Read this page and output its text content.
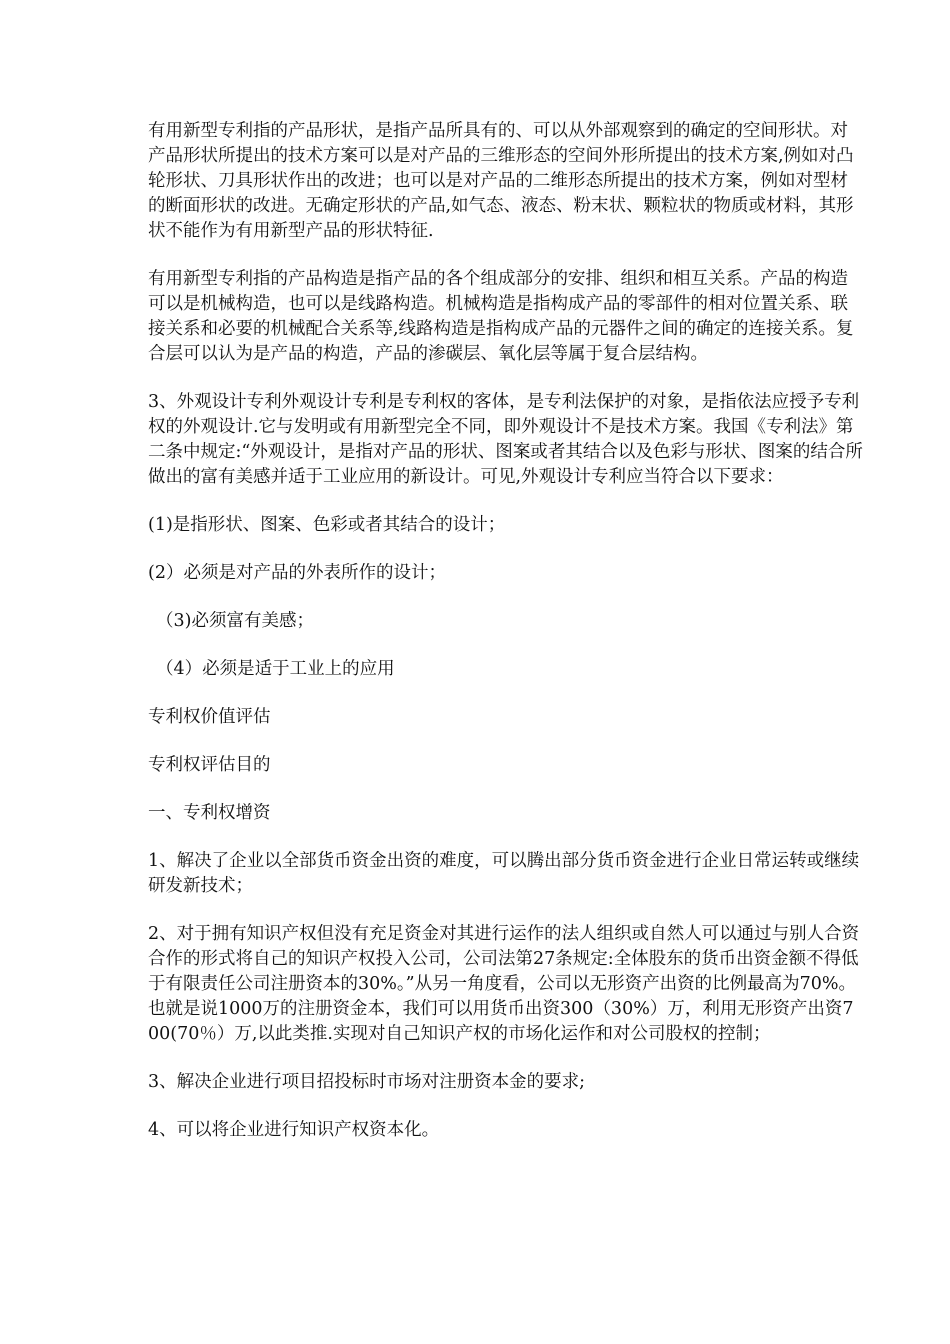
有用新型专利指的产品形状，是指产品所具有的、可以从外部观察到的确定的空间形状。对产品形状所提出的技术方案可以是对产品的三维形态的空间外形所提出的技术方案,例如对凸轮形状、刀具形状作出的改进；也可以是对产品的二维形态所提出的技术方案，例如对型材的断面形状的改进。无确定形状的产品,如气态、液态、粉末状、颗粒状的物质或材料，其形状不能作为有用新型产品的形状特征.

有用新型专利指的产品构造是指产品的各个组成部分的安排、组织和相互关系。产品的构造可以是机械构造，也可以是线路构造。机械构造是指构成产品的零部件的相对位置关系、联接关系和必要的机械配合关系等,线路构造是指构成产品的元器件之间的确定的连接关系。复合层可以认为是产品的构造，产品的渗碳层、氧化层等属于复合层结构。

3、外观设计专利外观设计专利是专利权的客体，是专利法保护的对象，是指依法应授予专利权的外观设计.它与发明或有用新型完全不同，即外观设计不是技术方案。我国《专利法》第二条中规定:“外观设计，是指对产品的形状、图案或者其结合以及色彩与形状、图案的结合所做出的富有美感并适于工业应用的新设计。可见,外观设计专利应当符合以下要求：

(1)是指形状、图案、色彩或者其结合的设计；

(2）必须是对产品的外表所作的设计；

（3)必须富有美感；

（4）必须是适于工业上的应用

专利权价值评估

专利权评估目的

一、专利权增资

1、解决了企业以全部货币资金出资的难度，可以腾出部分货币资金进行企业日常运转或继续研发新技术；

2、对于拥有知识产权但没有充足资金对其进行运作的法人组织或自然人可以通过与别人合资合作的形式将自己的知识产权投入公司，公司法第27条规定:全体股东的货币出资金额不得低于有限责任公司注册资本的30%。”从另一角度看，公司以无形资产出资的比例最高为70%。也就是说1000万的注册资金本，我们可以用货币出资300（30%）万，利用无形资产出资700(70％）万,以此类推.实现对自己知识产权的市场化运作和对公司股权的控制；

3、解决企业进行项目招投标时市场对注册资本金的要求;

4、可以将企业进行知识产权资本化。
